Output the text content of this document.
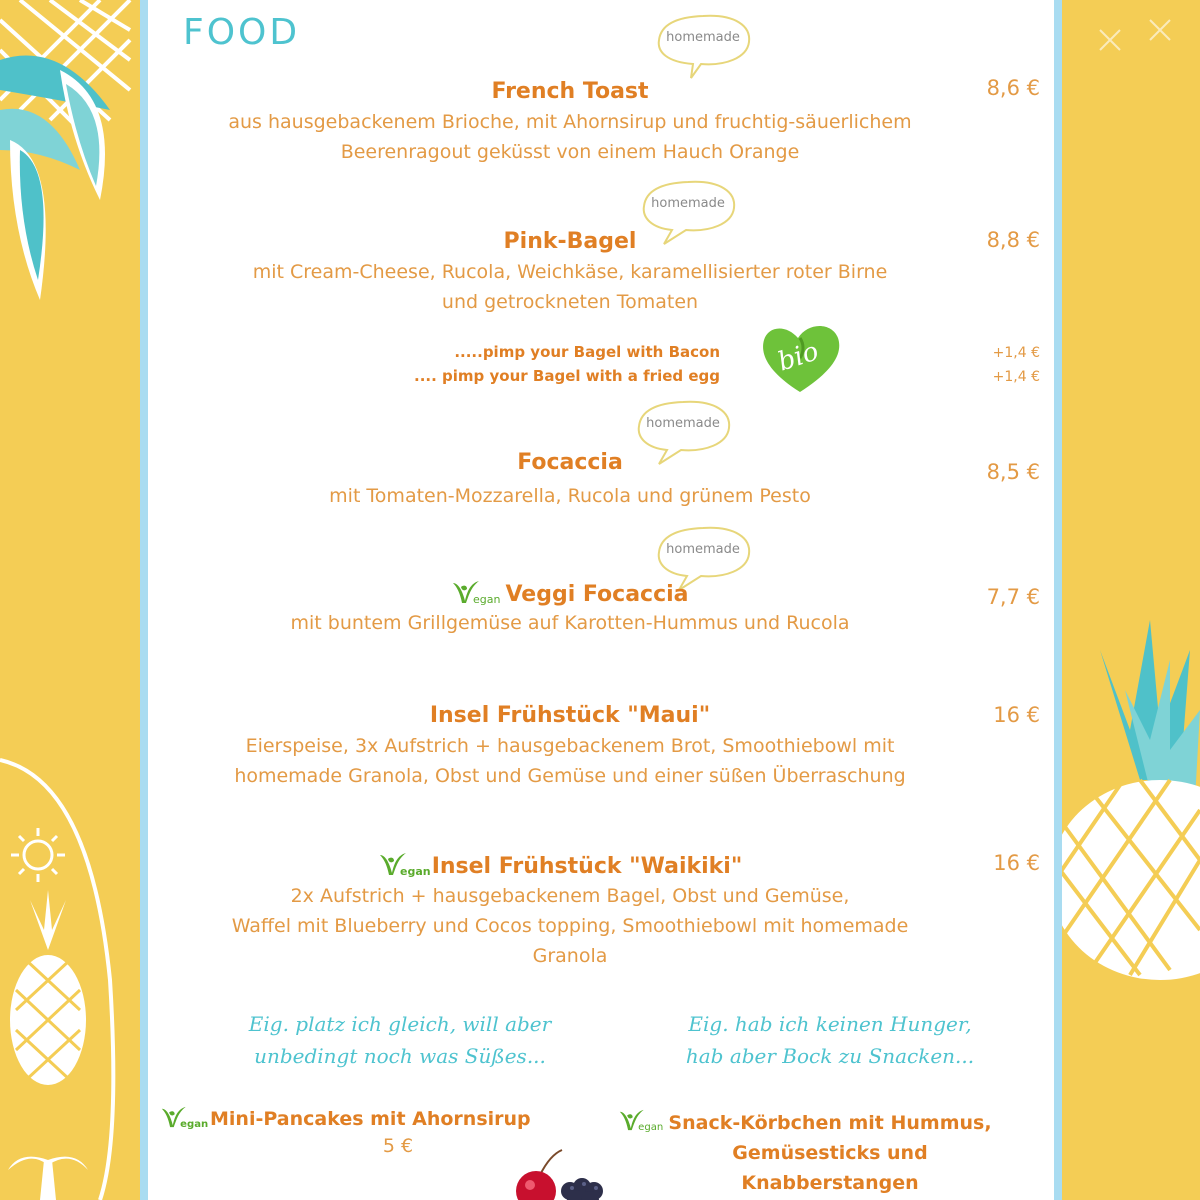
FOOD	homemade
homemade
homemade
homemade
French Toast
aus hausgebackenem Brioche, mit Ahornsirup und fruchtig-säuerlichem
Beerenragout geküsst von einem Hauch Orange
8,6 €
Pink-Bagel
mit Cream-Cheese, Rucola, Weichkäse, karamellisierter roter Birne
und getrockneten Tomaten
8,8 €
.....pimp your Bagel with Bacon
.... pimp your Bagel with a fried egg
+1,4 €
+1,4 €
bio
Focaccia
mit Tomaten-Mozzarella, Rucola und grünem Pesto
8,5 €
egan Veggi Focaccia
mit buntem Grillgemüse auf Karotten-Hummus und Rucola
7,7 €
Insel Frühstück "Maui"
Eierspeise, 3x Aufstrich + hausgebackenem Brot, Smoothiebowl mit
homemade Granola, Obst und Gemüse und einer süßen Überraschung
16 €
egan Insel Frühstück "Waikiki"
2x Aufstrich + hausgebackenem Bagel, Obst und Gemüse,
Waffel mit Blueberry und Cocos topping, Smoothiebowl mit homemade
Granola
16 €
Eig. platz ich gleich, will aber
unbedingt noch was Süßes...
Eig. hab ich keinen Hunger,
hab aber Bock zu Snacken...
egan Mini-Pancakes mit Ahornsirup
5 €
egan Snack-Körbchen mit Hummus,
Gemüsesticks und
Knabberstangen
